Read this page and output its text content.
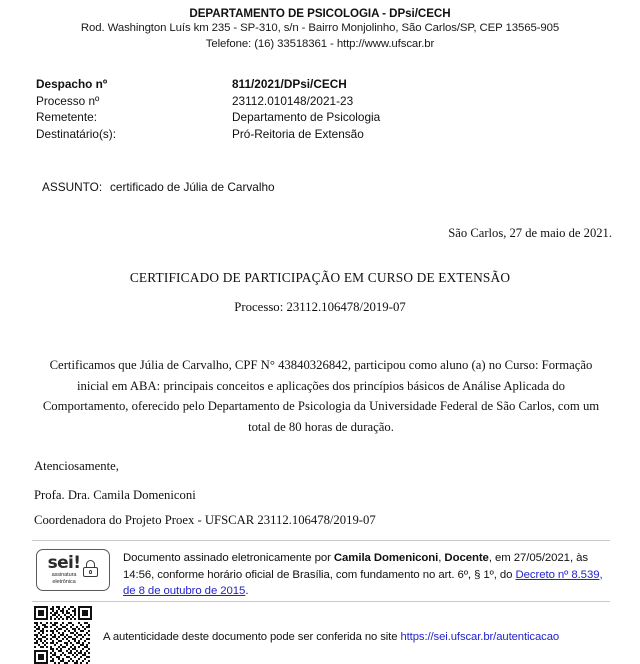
DEPARTAMENTO DE PSICOLOGIA - DPsi/CECH
Rod. Washington Luís km 235 - SP-310, s/n - Bairro Monjolinho, São Carlos/SP, CEP 13565-905
Telefone: (16) 33518361 - http://www.ufscar.br
Despacho nº	811/2021/DPsi/CECH
Processo nº	23112.010148/2021-23
Remetente:	Departamento de Psicologia
Destinatário(s):	Pró-Reitoria de Extensão
ASSUNTO: certificado de Júlia de Carvalho
São Carlos, 27 de maio de 2021.
CERTIFICADO DE PARTICIPAÇÃO EM CURSO DE EXTENSÃO
Processo: 23112.106478/2019-07
Certificamos que Júlia de Carvalho, CPF N° 43840326842, participou como aluno (a) no Curso: Formação inicial em ABA: principais conceitos e aplicações dos princípios básicos de Análise Aplicada do Comportamento, oferecido pelo Departamento de Psicologia da Universidade Federal de São Carlos, com um total de 80 horas de duração.
Atenciosamente,
Profa. Dra. Camila Domeniconi
Coordenadora do Projeto Proex - UFSCAR 23112.106478/2019-07
sei!
assinatura
eletrônica
Documento assinado eletronicamente por Camila Domeniconi, Docente, em 27/05/2021, às 14:56, conforme horário oficial de Brasília, com fundamento no art. 6º, § 1º, do Decreto nº 8.539, de 8 de outubro de 2015.
A autenticidade deste documento pode ser conferida no site https://sei.ufscar.br/autenticacao
